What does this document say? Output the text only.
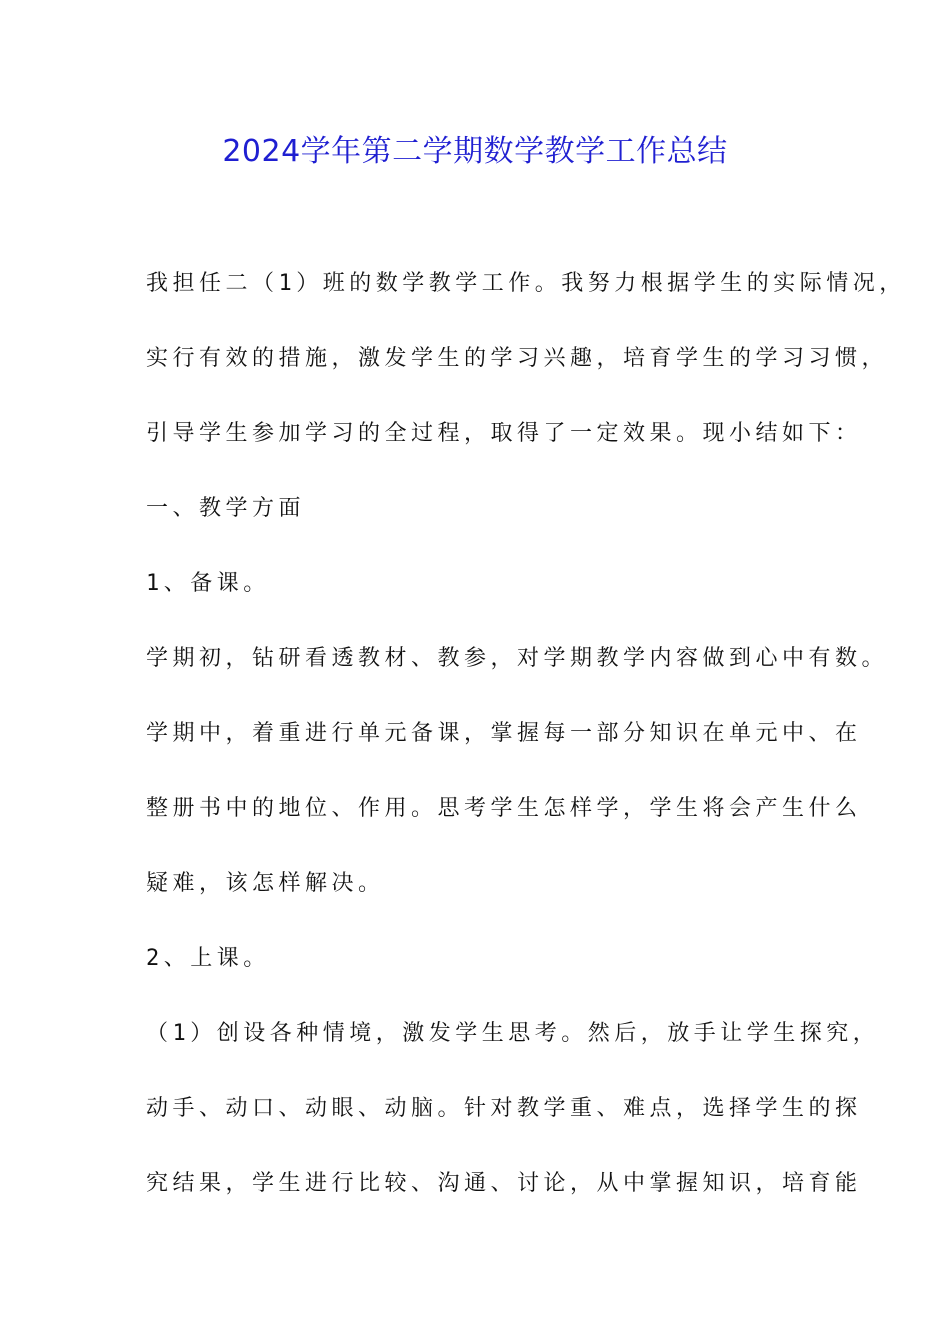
2024学年第二学期数学教学工作总结
我担任二（1）班的数学教学工作。我努力根据学生的实际情况，
实行有效的措施，激发学生的学习兴趣，培育学生的学习习惯，
引导学生参加学习的全过程，取得了一定效果。现小结如下：
一、教学方面
1、备课。
学期初，钻研看透教材、教参，对学期教学内容做到心中有数。
学期中，着重进行单元备课，掌握每一部分知识在单元中、在
整册书中的地位、作用。思考学生怎样学，学生将会产生什么
疑难，该怎样解决。
2、上课。
（1）创设各种情境，激发学生思考。然后，放手让学生探究，
动手、动口、动眼、动脑。针对教学重、难点，选择学生的探
究结果，学生进行比较、沟通、讨论，从中掌握知识，培育能
